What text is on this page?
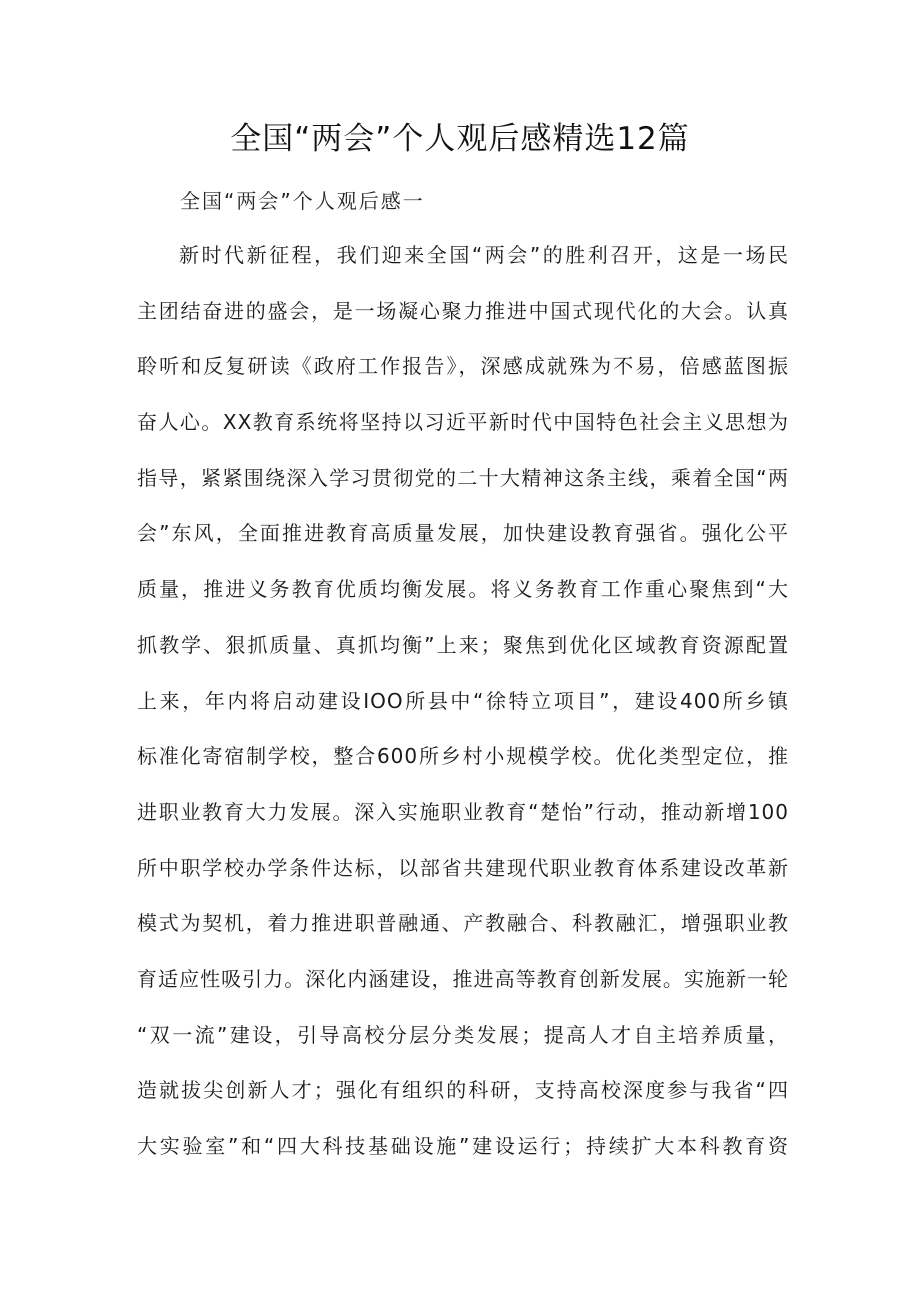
全国“两会”个人观后感精选12篇
全国“两会”个人观后感一
新时代新征程，我们迎来全国“两会”的胜利召开，这是一场民
主团结奋进的盛会，是一场凝心聚力推进中国式现代化的大会。认真
聆听和反复研读《政府工作报告》，深感成就殊为不易，倍感蓝图振
奋人心。XX教育系统将坚持以习近平新时代中国特色社会主义思想为
指导，紧紧围绕深入学习贯彻党的二十大精神这条主线，乘着全国“两
会”东风，全面推进教育高质量发展，加快建设教育强省。强化公平
质量，推进义务教育优质均衡发展。将义务教育工作重心聚焦到“大
抓教学、狠抓质量、真抓均衡”上来；聚焦到优化区域教育资源配置
上来，年内将启动建设IOO所县中“徐特立项目”，建设400所乡镇
标准化寄宿制学校，整合600所乡村小规模学校。优化类型定位，推
进职业教育大力发展。深入实施职业教育“楚怡”行动，推动新增100
所中职学校办学条件达标，以部省共建现代职业教育体系建设改革新
模式为契机，着力推进职普融通、产教融合、科教融汇，增强职业教
育适应性吸引力。深化内涵建设，推进高等教育创新发展。实施新一轮
“双一流”建设，引导高校分层分类发展；提高人才自主培养质量，
造就拔尖创新人才；强化有组织的科研，支持高校深度参与我省“四
大实验室”和“四大科技基础设施”建设运行；持续扩大本科教育资
